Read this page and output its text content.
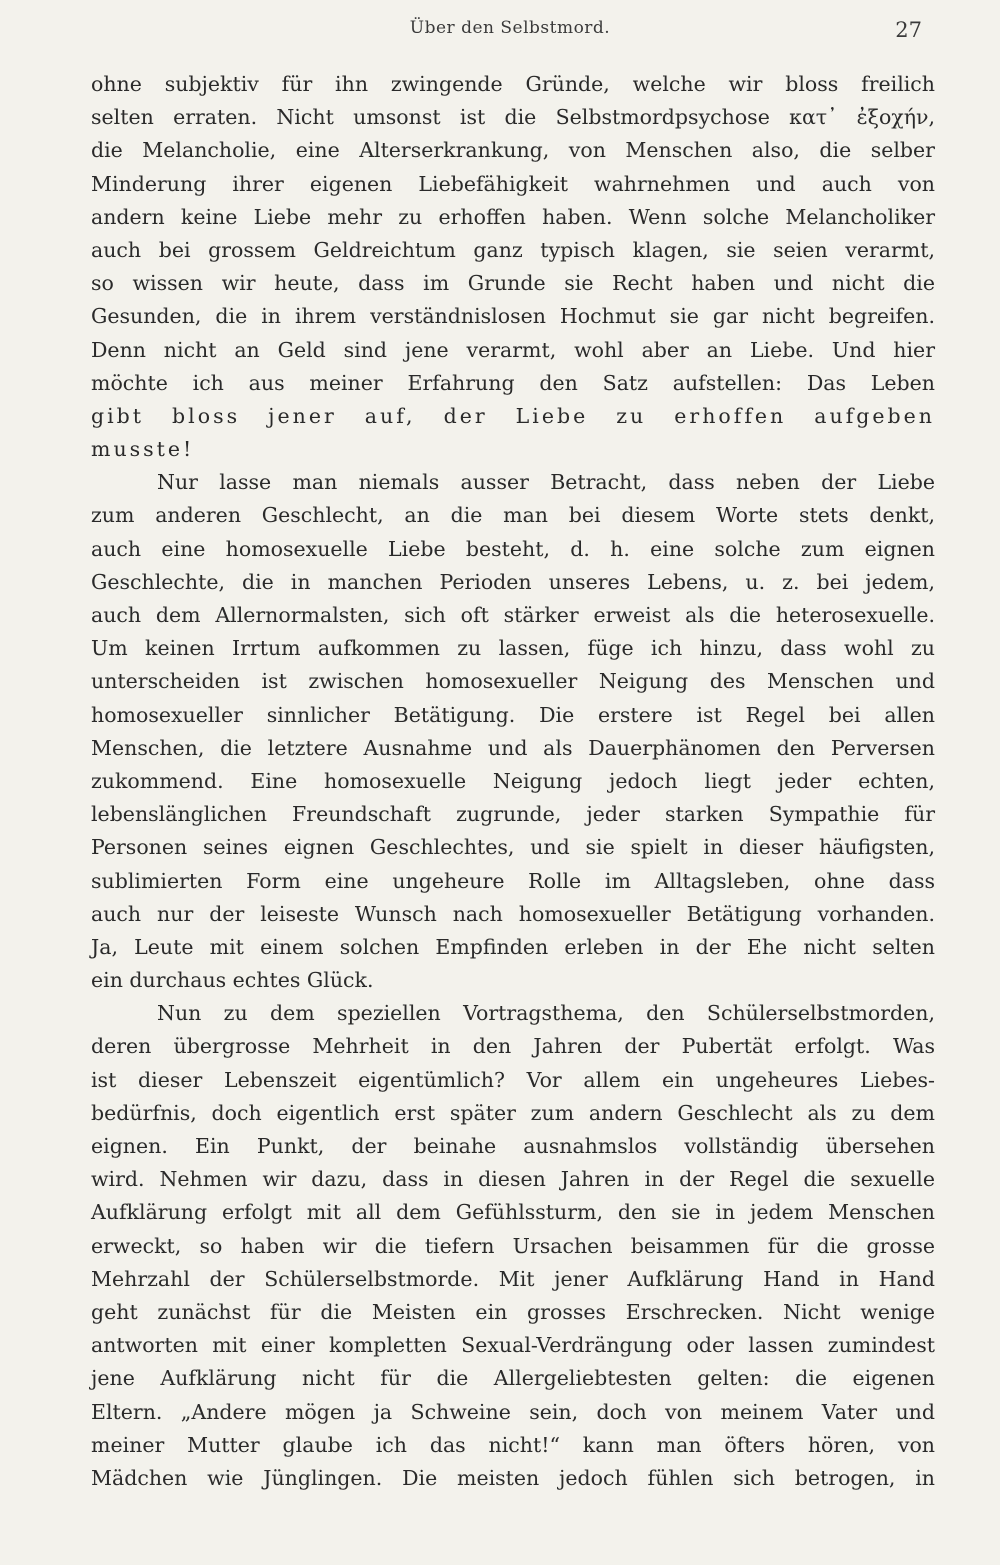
Über den Selbstmord.	27
ohne subjektiv für ihn zwingende Gründe, welche wir bloss freilich
selten erraten. Nicht umsonst ist die Selbstmordpsychose κατ᾽ ἐξοχήν,
die Melancholie, eine Alterserkrankung, von Menschen also, die selber
Minderung ihrer eigenen Liebefähigkeit wahrnehmen und auch von
andern keine Liebe mehr zu erhoffen haben. Wenn solche Melancholiker
auch bei grossem Geldreichtum ganz typisch klagen, sie seien verarmt,
so wissen wir heute, dass im Grunde sie Recht haben und nicht die
Gesunden, die in ihrem verständnislosen Hochmut sie gar nicht begreifen.
Denn nicht an Geld sind jene verarmt, wohl aber an Liebe. Und hier
möchte ich aus meiner Erfahrung den Satz aufstellen: Das Leben
gibt bloss jener auf, der Liebe zu erhoffen aufgeben
musste!
Nur lasse man niemals ausser Betracht, dass neben der Liebe
zum anderen Geschlecht, an die man bei diesem Worte stets denkt,
auch eine homosexuelle Liebe besteht, d. h. eine solche zum eignen
Geschlechte, die in manchen Perioden unseres Lebens, u. z. bei jedem,
auch dem Allernormalsten, sich oft stärker erweist als die heterosexuelle.
Um keinen Irrtum aufkommen zu lassen, füge ich hinzu, dass wohl zu
unterscheiden ist zwischen homosexueller Neigung des Menschen und
homosexueller sinnlicher Betätigung. Die erstere ist Regel bei allen
Menschen, die letztere Ausnahme und als Dauerphänomen den Perversen
zukommend. Eine homosexuelle Neigung jedoch liegt jeder echten,
lebenslänglichen Freundschaft zugrunde, jeder starken Sympathie für
Personen seines eignen Geschlechtes, und sie spielt in dieser häufigsten,
sublimierten Form eine ungeheure Rolle im Alltagsleben, ohne dass
auch nur der leiseste Wunsch nach homosexueller Betätigung vorhanden.
Ja, Leute mit einem solchen Empfinden erleben in der Ehe nicht selten
ein durchaus echtes Glück.
Nun zu dem speziellen Vortragsthema, den Schülerselbstmorden,
deren übergrosse Mehrheit in den Jahren der Pubertät erfolgt. Was
ist dieser Lebenszeit eigentümlich? Vor allem ein ungeheures Liebes-
bedürfnis, doch eigentlich erst später zum andern Geschlecht als zu dem
eignen. Ein Punkt, der beinahe ausnahmslos vollständig übersehen
wird. Nehmen wir dazu, dass in diesen Jahren in der Regel die sexuelle
Aufklärung erfolgt mit all dem Gefühlssturm, den sie in jedem Menschen
erweckt, so haben wir die tiefern Ursachen beisammen für die grosse
Mehrzahl der Schülerselbstmorde. Mit jener Aufklärung Hand in Hand
geht zunächst für die Meisten ein grosses Erschrecken. Nicht wenige
antworten mit einer kompletten Sexual-Verdrängung oder lassen zumindest
jene Aufklärung nicht für die Allergeliebtesten gelten: die eigenen
Eltern. „Andere mögen ja Schweine sein, doch von meinem Vater und
meiner Mutter glaube ich das nicht!“ kann man öfters hören, von
Mädchen wie Jünglingen. Die meisten jedoch fühlen sich betrogen, in
